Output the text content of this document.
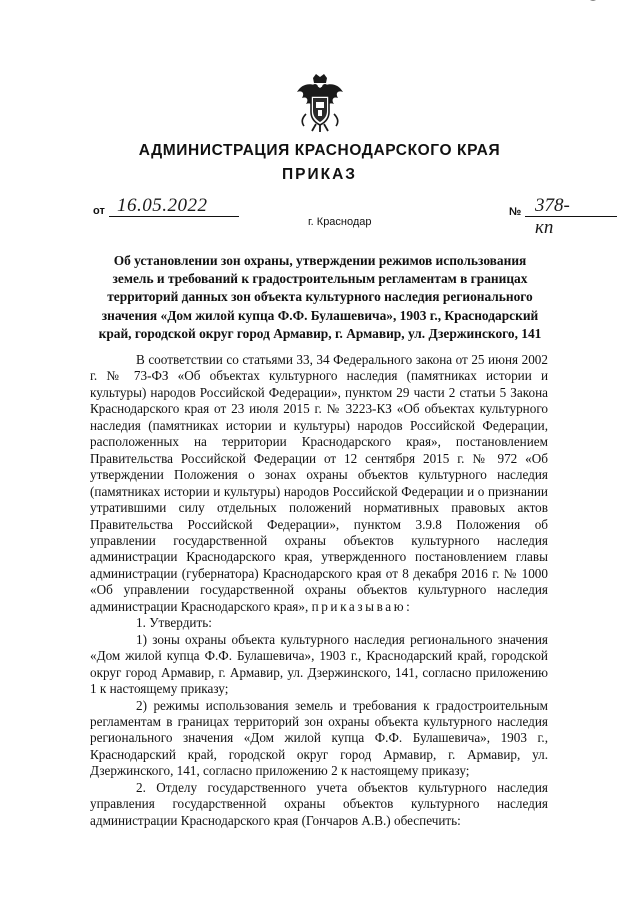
АДМИНИСТРАЦИЯ КРАСНОДАРСКОГО КРАЯ
ПРИКАЗ
от 16.05.2022
г. Краснодар
№ 378-кп
Об установлении зон охраны, утверждении режимов использования земель и требований к градостроительным регламентам в границах территорий данных зон объекта культурного наследия регионального значения «Дом жилой купца Ф.Ф. Булашевича», 1903 г., Краснодарский край, городской округ город Армавир, г. Армавир, ул. Дзержинского, 141

В соответствии со статьями 33, 34 Федерального закона от 25 июня 2002 г. № 73-ФЗ «Об объектах культурного наследия (памятниках истории и культуры) народов Российской Федерации», пунктом 29 части 2 статьи 5 Закона Краснодарского края от 23 июля 2015 г. № 3223-КЗ «Об объектах культурного наследия (памятниках истории и культуры) народов Российской Федерации, расположенных на территории Краснодарского края», постановлением Правительства Российской Федерации от 12 сентября 2015 г. № 972 «Об утверждении Положения о зонах охраны объектов культурного наследия (памятниках истории и культуры) народов Российской Федерации и о признании утратившими силу отдельных положений нормативных правовых актов Правительства Российской Федерации», пунктом 3.9.8 Положения об управлении государственной охраны объектов культурного наследия администрации Краснодарского края, утвержденного постановлением главы администрации (губернатора) Краснодарского края от 8 декабря 2016 г. № 1000 «Об управлении государственной охраны объектов культурного наследия администрации Краснодарского края», приказываю:

1. Утвердить:

1) зоны охраны объекта культурного наследия регионального значения «Дом жилой купца Ф.Ф. Булашевича», 1903 г., Краснодарский край, городской округ город Армавир, г. Армавир, ул. Дзержинского, 141, согласно приложению 1 к настоящему приказу;

2) режимы использования земель и требования к градостроительным регламентам в границах территорий зон охраны объекта культурного наследия регионального значения «Дом жилой купца Ф.Ф. Булашевича», 1903 г., Краснодарский край, городской округ город Армавир, г. Армавир, ул. Дзержинского, 141, согласно приложению 2 к настоящему приказу;

2. Отделу государственного учета объектов культурного наследия управления государственной охраны объектов культурного наследия администрации Краснодарского края (Гончаров А.В.) обеспечить:
